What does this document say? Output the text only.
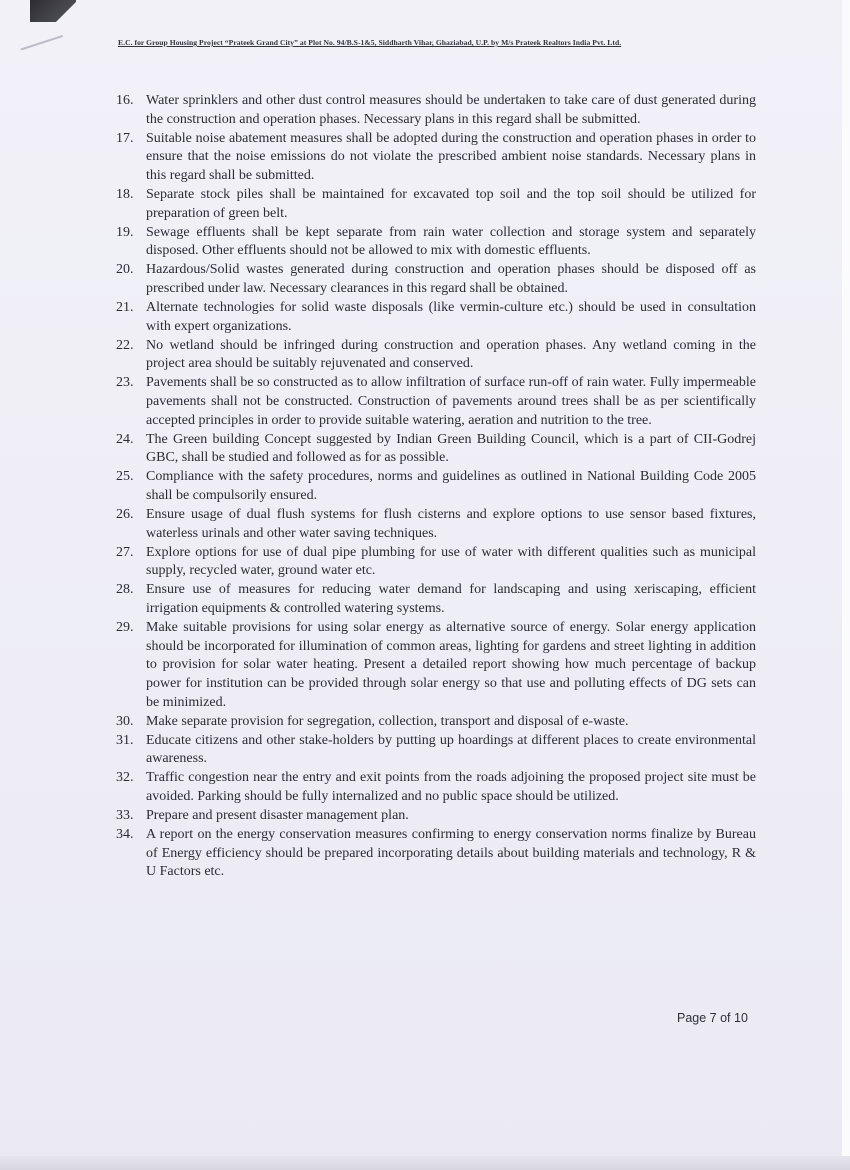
E.C. for Group Housing Project “Prateek Grand City” at Plot No. 94/B.S-1&5, Siddharth Vihar, Ghaziabad, U.P. by M/s Prateek Realtors India Pvt. Ltd.
16. Water sprinklers and other dust control measures should be undertaken to take care of dust generated during the construction and operation phases. Necessary plans in this regard shall be submitted.
17. Suitable noise abatement measures shall be adopted during the construction and operation phases in order to ensure that the noise emissions do not violate the prescribed ambient noise standards. Necessary plans in this regard shall be submitted.
18. Separate stock piles shall be maintained for excavated top soil and the top soil should be utilized for preparation of green belt.
19. Sewage effluents shall be kept separate from rain water collection and storage system and separately disposed. Other effluents should not be allowed to mix with domestic effluents.
20. Hazardous/Solid wastes generated during construction and operation phases should be disposed off as prescribed under law. Necessary clearances in this regard shall be obtained.
21. Alternate technologies for solid waste disposals (like vermin-culture etc.) should be used in consultation with expert organizations.
22. No wetland should be infringed during construction and operation phases. Any wetland coming in the project area should be suitably rejuvenated and conserved.
23. Pavements shall be so constructed as to allow infiltration of surface run-off of rain water. Fully impermeable pavements shall not be constructed. Construction of pavements around trees shall be as per scientifically accepted principles in order to provide suitable watering, aeration and nutrition to the tree.
24. The Green building Concept suggested by Indian Green Building Council, which is a part of CII-Godrej GBC, shall be studied and followed as for as possible.
25. Compliance with the safety procedures, norms and guidelines as outlined in National Building Code 2005 shall be compulsorily ensured.
26. Ensure usage of dual flush systems for flush cisterns and explore options to use sensor based fixtures, waterless urinals and other water saving techniques.
27. Explore options for use of dual pipe plumbing for use of water with different qualities such as municipal supply, recycled water, ground water etc.
28. Ensure use of measures for reducing water demand for landscaping and using xeriscaping, efficient irrigation equipments & controlled watering systems.
29. Make suitable provisions for using solar energy as alternative source of energy. Solar energy application should be incorporated for illumination of common areas, lighting for gardens and street lighting in addition to provision for solar water heating. Present a detailed report showing how much percentage of backup power for institution can be provided through solar energy so that use and polluting effects of DG sets can be minimized.
30. Make separate provision for segregation, collection, transport and disposal of e-waste.
31. Educate citizens and other stake-holders by putting up hoardings at different places to create environmental awareness.
32. Traffic congestion near the entry and exit points from the roads adjoining the proposed project site must be avoided. Parking should be fully internalized and no public space should be utilized.
33. Prepare and present disaster management plan.
34. A report on the energy conservation measures confirming to energy conservation norms finalize by Bureau of Energy efficiency should be prepared incorporating details about building materials and technology, R & U Factors etc.
Page 7 of 10
